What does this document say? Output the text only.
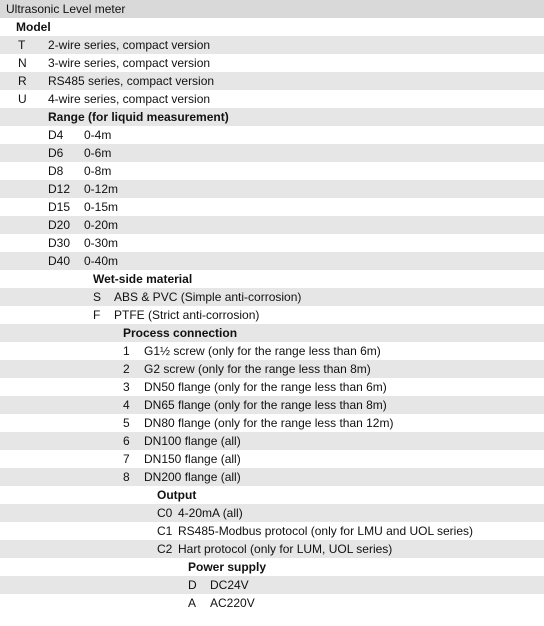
Ultrasonic Level meter
Model
T 2-wire series, compact version
N 3-wire series, compact version
R RS485 series, compact version
U 4-wire series, compact version
Range (for liquid measurement)
D4 0-4m
D6 0-6m
D8 0-8m
D12 0-12m
D15 0-15m
D20 0-20m
D30 0-30m
D40 0-40m
Wet-side material
S ABS & PVC (Simple anti-corrosion)
F PTFE (Strict anti-corrosion)
Process connection
1 G1½ screw (only for the range less than 6m)
2 G2 screw (only for the range less than 8m)
3 DN50 flange (only for the range less than 6m)
4 DN65 flange (only for the range less than 8m)
5 DN80 flange (only for the range less than 12m)
6 DN100 flange (all)
7 DN150 flange (all)
8 DN200 flange (all)
Output
C0 4-20mA (all)
C1 RS485-Modbus protocol (only for LMU and UOL series)
C2 Hart protocol (only for LUM, UOL series)
Power supply
D DC24V
A AC220V
